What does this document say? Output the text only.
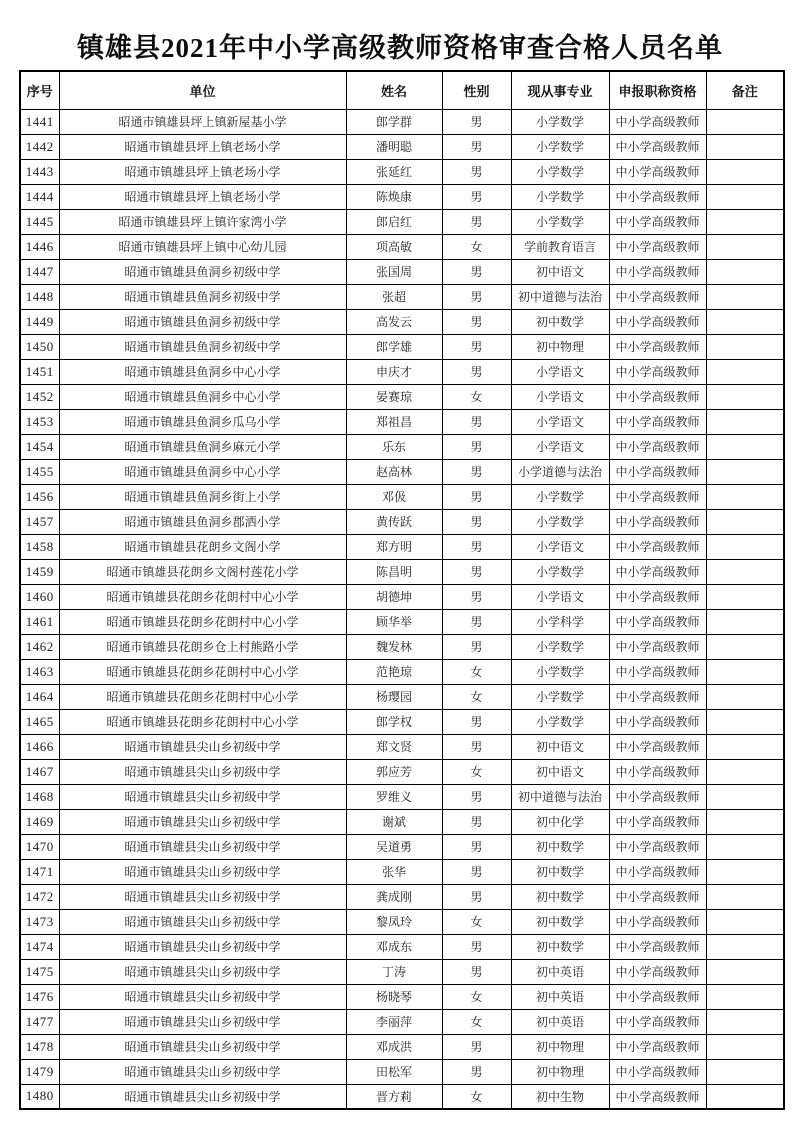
镇雄县2021年中小学高级教师资格审查合格人员名单
序号	单位	姓名	性别	现从事专业	申报职称资格	备注
1441	昭通市镇雄县坪上镇新屋基小学	郎学群	男	小学数学	中小学高级教师	
1442	昭通市镇雄县坪上镇老场小学	潘明聪	男	小学数学	中小学高级教师	
1443	昭通市镇雄县坪上镇老场小学	张延红	男	小学数学	中小学高级教师	
1444	昭通市镇雄县坪上镇老场小学	陈焕康	男	小学数学	中小学高级教师	
1445	昭通市镇雄县坪上镇许家湾小学	郎启红	男	小学数学	中小学高级教师	
1446	昭通市镇雄县坪上镇中心幼儿园	项高敏	女	学前教育语言	中小学高级教师	
1447	昭通市镇雄县鱼洞乡初级中学	张国周	男	初中语文	中小学高级教师	
1448	昭通市镇雄县鱼洞乡初级中学	张超	男	初中道德与法治	中小学高级教师	
1449	昭通市镇雄县鱼洞乡初级中学	高发云	男	初中数学	中小学高级教师	
1450	昭通市镇雄县鱼洞乡初级中学	郎学雄	男	初中物理	中小学高级教师	
1451	昭通市镇雄县鱼洞乡中心小学	申庆才	男	小学语文	中小学高级教师	
1452	昭通市镇雄县鱼洞乡中心小学	晏赛琼	女	小学语文	中小学高级教师	
1453	昭通市镇雄县鱼洞乡瓜乌小学	郑祖昌	男	小学语文	中小学高级教师	
1454	昭通市镇雄县鱼洞乡麻元小学	乐东	男	小学语文	中小学高级教师	
1455	昭通市镇雄县鱼洞乡中心小学	赵高林	男	小学道德与法治	中小学高级教师	
1456	昭通市镇雄县鱼洞乡街上小学	邓伋	男	小学数学	中小学高级教师	
1457	昭通市镇雄县鱼洞乡郡洒小学	黄传跃	男	小学数学	中小学高级教师	
1458	昭通市镇雄县花朗乡文阁小学	郑方明	男	小学语文	中小学高级教师	
1459	昭通市镇雄县花朗乡文阁村莲花小学	陈昌明	男	小学数学	中小学高级教师	
1460	昭通市镇雄县花朗乡花朗村中心小学	胡德坤	男	小学语文	中小学高级教师	
1461	昭通市镇雄县花朗乡花朗村中心小学	顾华举	男	小学科学	中小学高级教师	
1462	昭通市镇雄县花朗乡仓上村熊路小学	魏发林	男	小学数学	中小学高级教师	
1463	昭通市镇雄县花朗乡花朗村中心小学	范艳琼	女	小学数学	中小学高级教师	
1464	昭通市镇雄县花朗乡花朗村中心小学	杨璎园	女	小学数学	中小学高级教师	
1465	昭通市镇雄县花朗乡花朗村中心小学	郎学权	男	小学数学	中小学高级教师	
1466	昭通市镇雄县尖山乡初级中学	郑文贤	男	初中语文	中小学高级教师	
1467	昭通市镇雄县尖山乡初级中学	郭应芳	女	初中语文	中小学高级教师	
1468	昭通市镇雄县尖山乡初级中学	罗维义	男	初中道德与法治	中小学高级教师	
1469	昭通市镇雄县尖山乡初级中学	谢斌	男	初中化学	中小学高级教师	
1470	昭通市镇雄县尖山乡初级中学	吴道勇	男	初中数学	中小学高级教师	
1471	昭通市镇雄县尖山乡初级中学	张华	男	初中数学	中小学高级教师	
1472	昭通市镇雄县尖山乡初级中学	龚成刚	男	初中数学	中小学高级教师	
1473	昭通市镇雄县尖山乡初级中学	黎凤玲	女	初中数学	中小学高级教师	
1474	昭通市镇雄县尖山乡初级中学	邓成东	男	初中数学	中小学高级教师	
1475	昭通市镇雄县尖山乡初级中学	丁涛	男	初中英语	中小学高级教师	
1476	昭通市镇雄县尖山乡初级中学	杨晓琴	女	初中英语	中小学高级教师	
1477	昭通市镇雄县尖山乡初级中学	李丽萍	女	初中英语	中小学高级教师	
1478	昭通市镇雄县尖山乡初级中学	邓成洪	男	初中物理	中小学高级教师	
1479	昭通市镇雄县尖山乡初级中学	田松军	男	初中物理	中小学高级教师	
1480	昭通市镇雄县尖山乡初级中学	晋方莉	女	初中生物	中小学高级教师	
